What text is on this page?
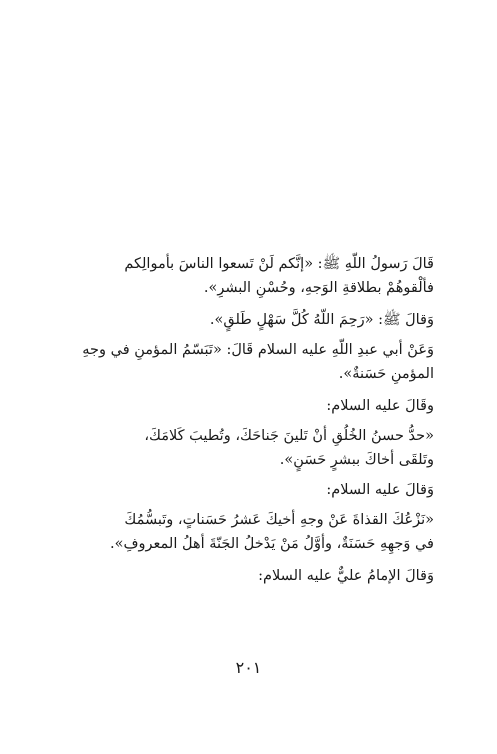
قَالَ رَسولُ اللّهِ ﷺ: «إنَّكم لَنْ تَسعوا الناسَ بأموالِكم
فألْقوهُمْ بطلاقةِ الوَجهِ، وحُسْنِ البشرِ».
وَقالَ ﷺ: «رَحِمَ اللّهُ كُلَّ سَهْلٍ طَلقٍ».
وَعَنْ أبي عبدِ اللّهِ عليه السلام قَالَ: «تَبَسّمُ المؤمنِ في وجهِ
المؤمنِ حَسَنةٌ».
وقَالَ عليه السلام:
«حدُّ حسنُ الخُلُقِ أنْ تَلينَ جَناحَكَ، وتُطيبَ كَلامَكَ،
وتَلقَى أخاكَ ببشرٍ حَسَنٍ».
وَقالَ عليه السلام:
«نَزْعُكَ القذاةَ عَنْ وجهِ أخيكَ عَشرُ حَسَناتٍ، وتَبسُّمُكَ
في وَجهِهِ حَسَنَةٌ، وأوَّلُ مَنْ يَدْخلُ الجَنّةَ أهلُ المعروفِ».
وَقالَ الإمامُ عليٌّ عليه السلام:
٢٠١
